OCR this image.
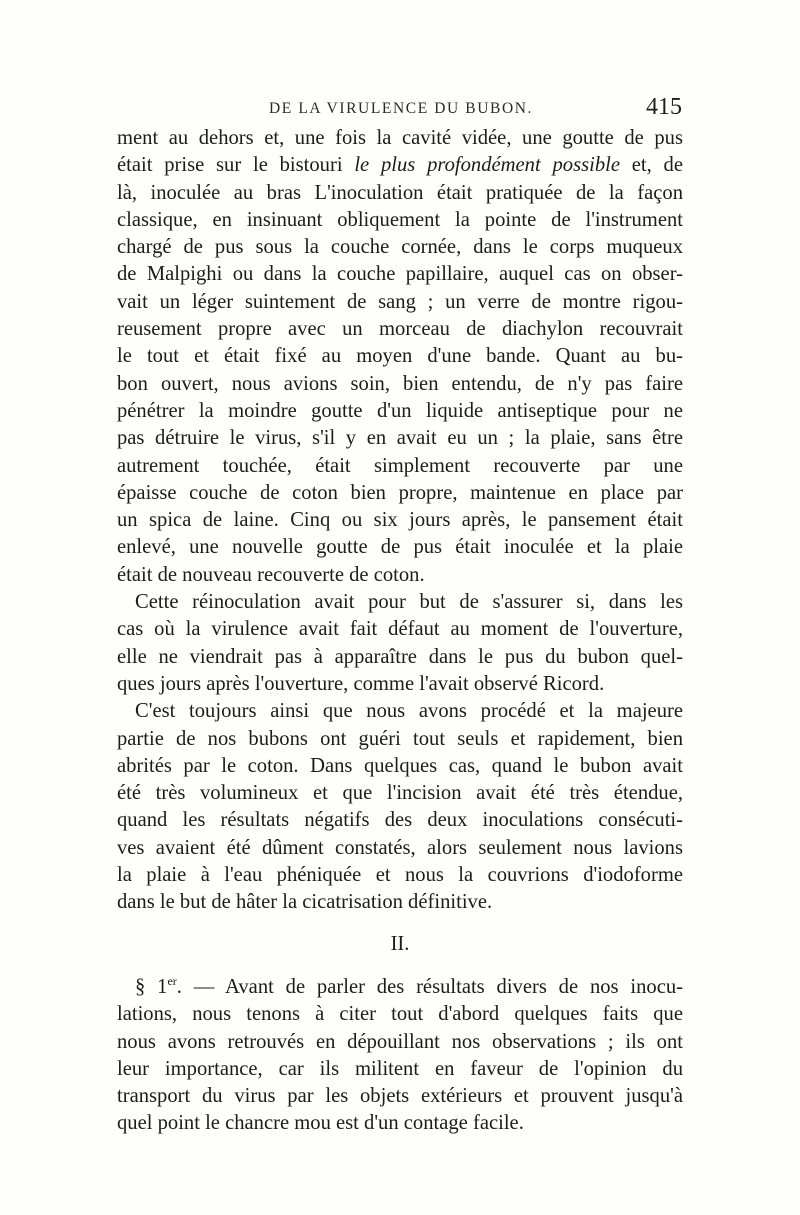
DE LA VIRULENCE DU BUBON.	415
ment au dehors et, une fois la cavité vidée, une goutte de pus
était prise sur le bistouri le plus profondément possible et, de
là, inoculée au bras L'inoculation était pratiquée de la façon
classique, en insinuant obliquement la pointe de l'instrument
chargé de pus sous la couche cornée, dans le corps muqueux
de Malpighi ou dans la couche papillaire, auquel cas on obser-
vait un léger suintement de sang ; un verre de montre rigou-
reusement propre avec un morceau de diachylon recouvrait
le tout et était fixé au moyen d'une bande. Quant au bu-
bon ouvert, nous avions soin, bien entendu, de n'y pas faire
pénétrer la moindre goutte d'un liquide antiseptique pour ne
pas détruire le virus, s'il y en avait eu un ; la plaie, sans être
autrement touchée, était simplement recouverte par une
épaisse couche de coton bien propre, maintenue en place par
un spica de laine. Cinq ou six jours après, le pansement était
enlevé, une nouvelle goutte de pus était inoculée et la plaie
était de nouveau recouverte de coton.
Cette réinoculation avait pour but de s'assurer si, dans les
cas où la virulence avait fait défaut au moment de l'ouverture,
elle ne viendrait pas à apparaître dans le pus du bubon quel-
ques jours après l'ouverture, comme l'avait observé Ricord.
C'est toujours ainsi que nous avons procédé et la majeure
partie de nos bubons ont guéri tout seuls et rapidement, bien
abrités par le coton. Dans quelques cas, quand le bubon avait
été très volumineux et que l'incision avait été très étendue,
quand les résultats négatifs des deux inoculations consécuti-
ves avaient été dûment constatés, alors seulement nous lavions
la plaie à l'eau phéniquée et nous la couvrions d'iodoforme
dans le but de hâter la cicatrisation définitive.
II.
§ 1er. — Avant de parler des résultats divers de nos inocu-
lations, nous tenons à citer tout d'abord quelques faits que
nous avons retrouvés en dépouillant nos observations ; ils ont
leur importance, car ils militent en faveur de l'opinion du
transport du virus par les objets extérieurs et prouvent jusqu'à
quel point le chancre mou est d'un contage facile.
